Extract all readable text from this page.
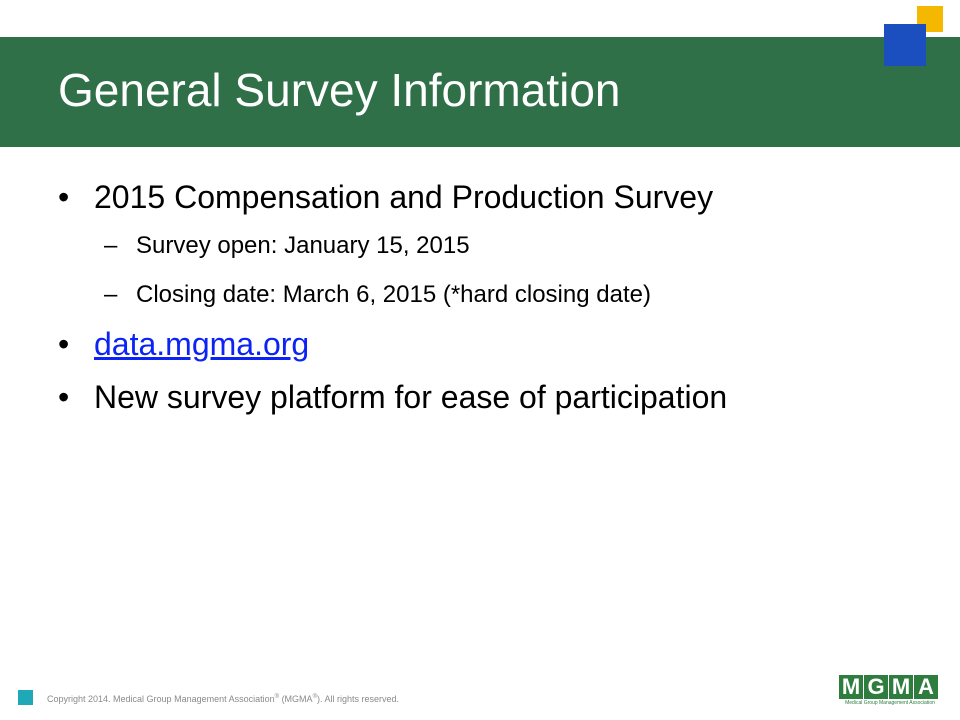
General Survey Information
• 2015 Compensation and Production Survey
– Survey open: January 15, 2015
– Closing date: March 6, 2015 (*hard closing date)
• data.mgma.org
• New survey platform for ease of participation
Copyright 2014. Medical Group Management Association® (MGMA®). All rights reserved.	M G M A
Medical Group Management Association
